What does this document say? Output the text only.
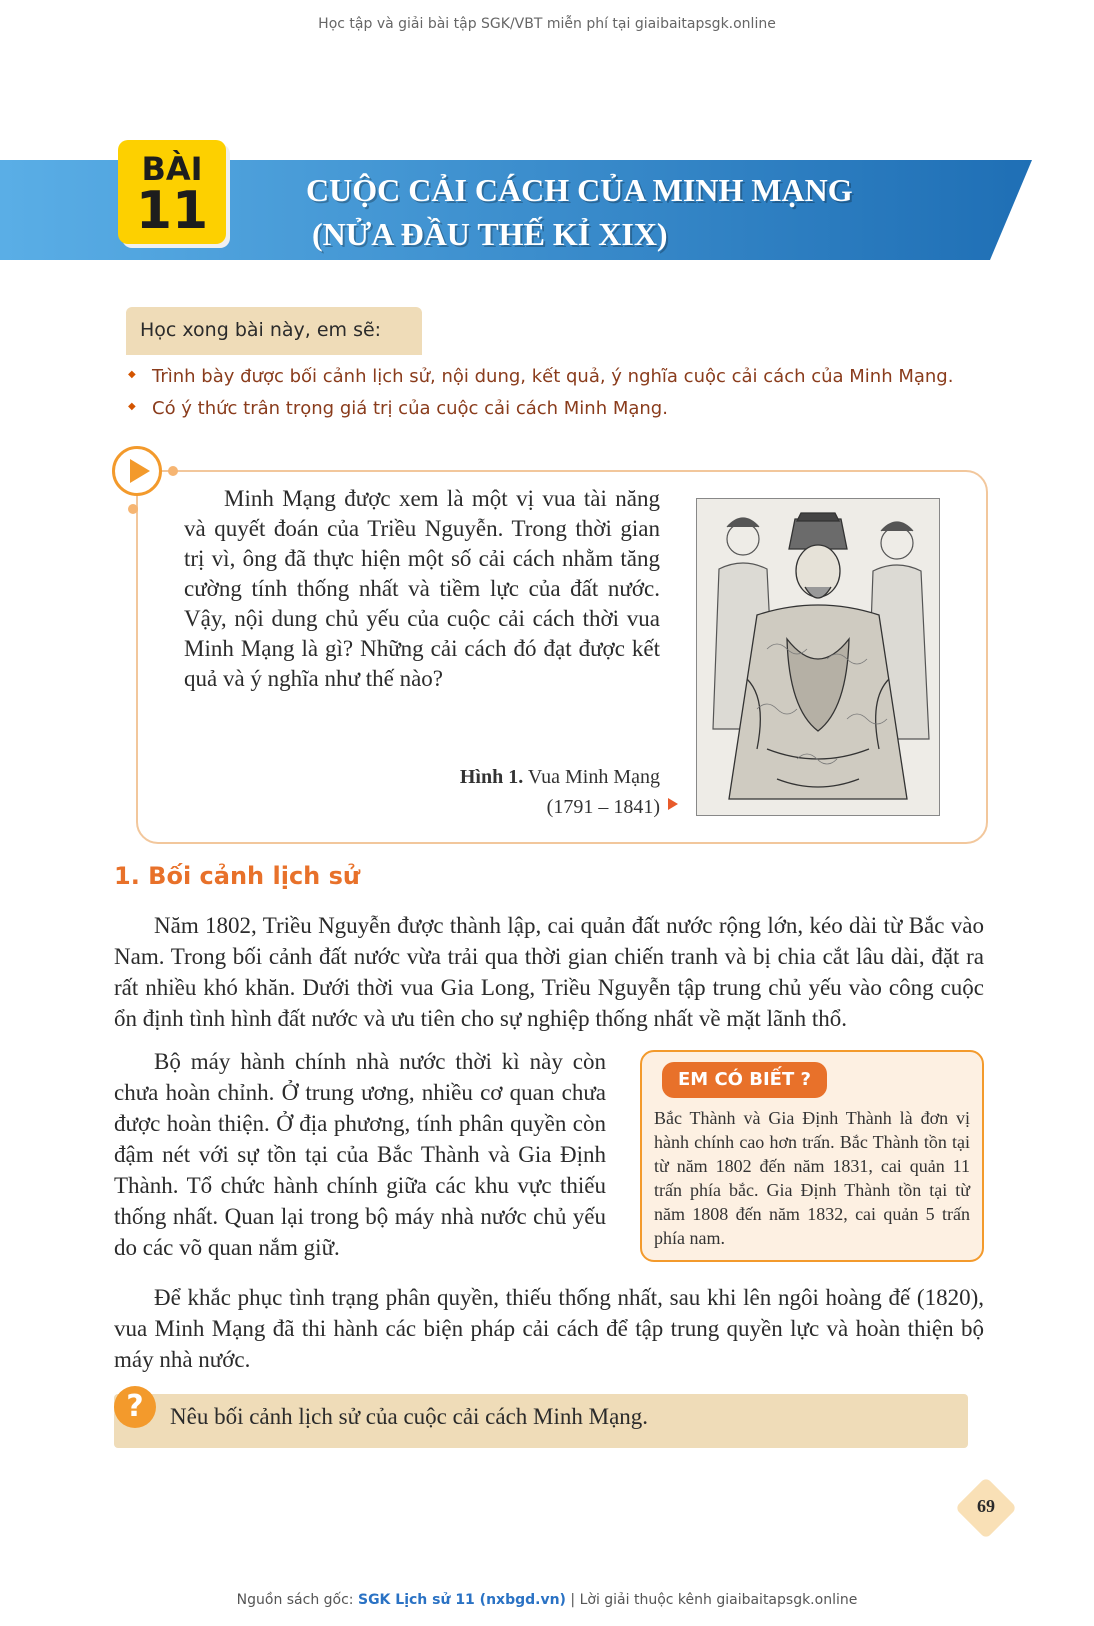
Học tập và giải bài tập SGK/VBT miễn phí tại giaibaitapsgk.online
BÀI
11	CUỘC CẢI CÁCH CỦA MINH MẠNG
(NỬA ĐẦU THẾ KỈ XIX)
Học xong bài này, em sẽ:
◆ Trình bày được bối cảnh lịch sử, nội dung, kết quả, ý nghĩa cuộc cải cách của Minh Mạng.
◆ Có ý thức trân trọng giá trị của cuộc cải cách Minh Mạng.

Minh Mạng được xem là một vị vua tài năng và quyết đoán của Triều Nguyễn. Trong thời gian trị vì, ông đã thực hiện một số cải cách nhằm tăng cường tính thống nhất và tiềm lực của đất nước. Vậy, nội dung chủ yếu của cuộc cải cách thời vua Minh Mạng là gì? Những cải cách đó đạt được kết quả và ý nghĩa như thế nào?

Hình 1. Vua Minh Mạng
(1791 – 1841)
1. Bối cảnh lịch sử

Năm 1802, Triều Nguyễn được thành lập, cai quản đất nước rộng lớn, kéo dài từ Bắc vào Nam. Trong bối cảnh đất nước vừa trải qua thời gian chiến tranh và bị chia cắt lâu dài, đặt ra rất nhiều khó khăn. Dưới thời vua Gia Long, Triều Nguyễn tập trung chủ yếu vào công cuộc ổn định tình hình đất nước và ưu tiên cho sự nghiệp thống nhất về mặt lãnh thổ.

Bộ máy hành chính nhà nước thời kì này còn chưa hoàn chỉnh. Ở trung ương, nhiều cơ quan chưa được hoàn thiện. Ở địa phương, tính phân quyền còn đậm nét với sự tồn tại của Bắc Thành và Gia Định Thành. Tổ chức hành chính giữa các khu vực thiếu thống nhất. Quan lại trong bộ máy nhà nước chủ yếu do các võ quan nắm giữ.

EM CÓ BIẾT ?

Bắc Thành và Gia Định Thành là đơn vị hành chính cao hơn trấn. Bắc Thành tồn tại từ năm 1802 đến năm 1831, cai quản 11 trấn phía bắc. Gia Định Thành tồn tại từ năm 1808 đến năm 1832, cai quản 5 trấn phía nam.

Để khắc phục tình trạng phân quyền, thiếu thống nhất, sau khi lên ngôi hoàng đế (1820), vua Minh Mạng đã thi hành các biện pháp cải cách để tập trung quyền lực và hoàn thiện bộ máy nhà nước.

?	Nêu bối cảnh lịch sử của cuộc cải cách Minh Mạng.
69
Nguồn sách gốc: SGK Lịch sử 11 (nxbgd.vn) | Lời giải thuộc kênh giaibaitapsgk.online
